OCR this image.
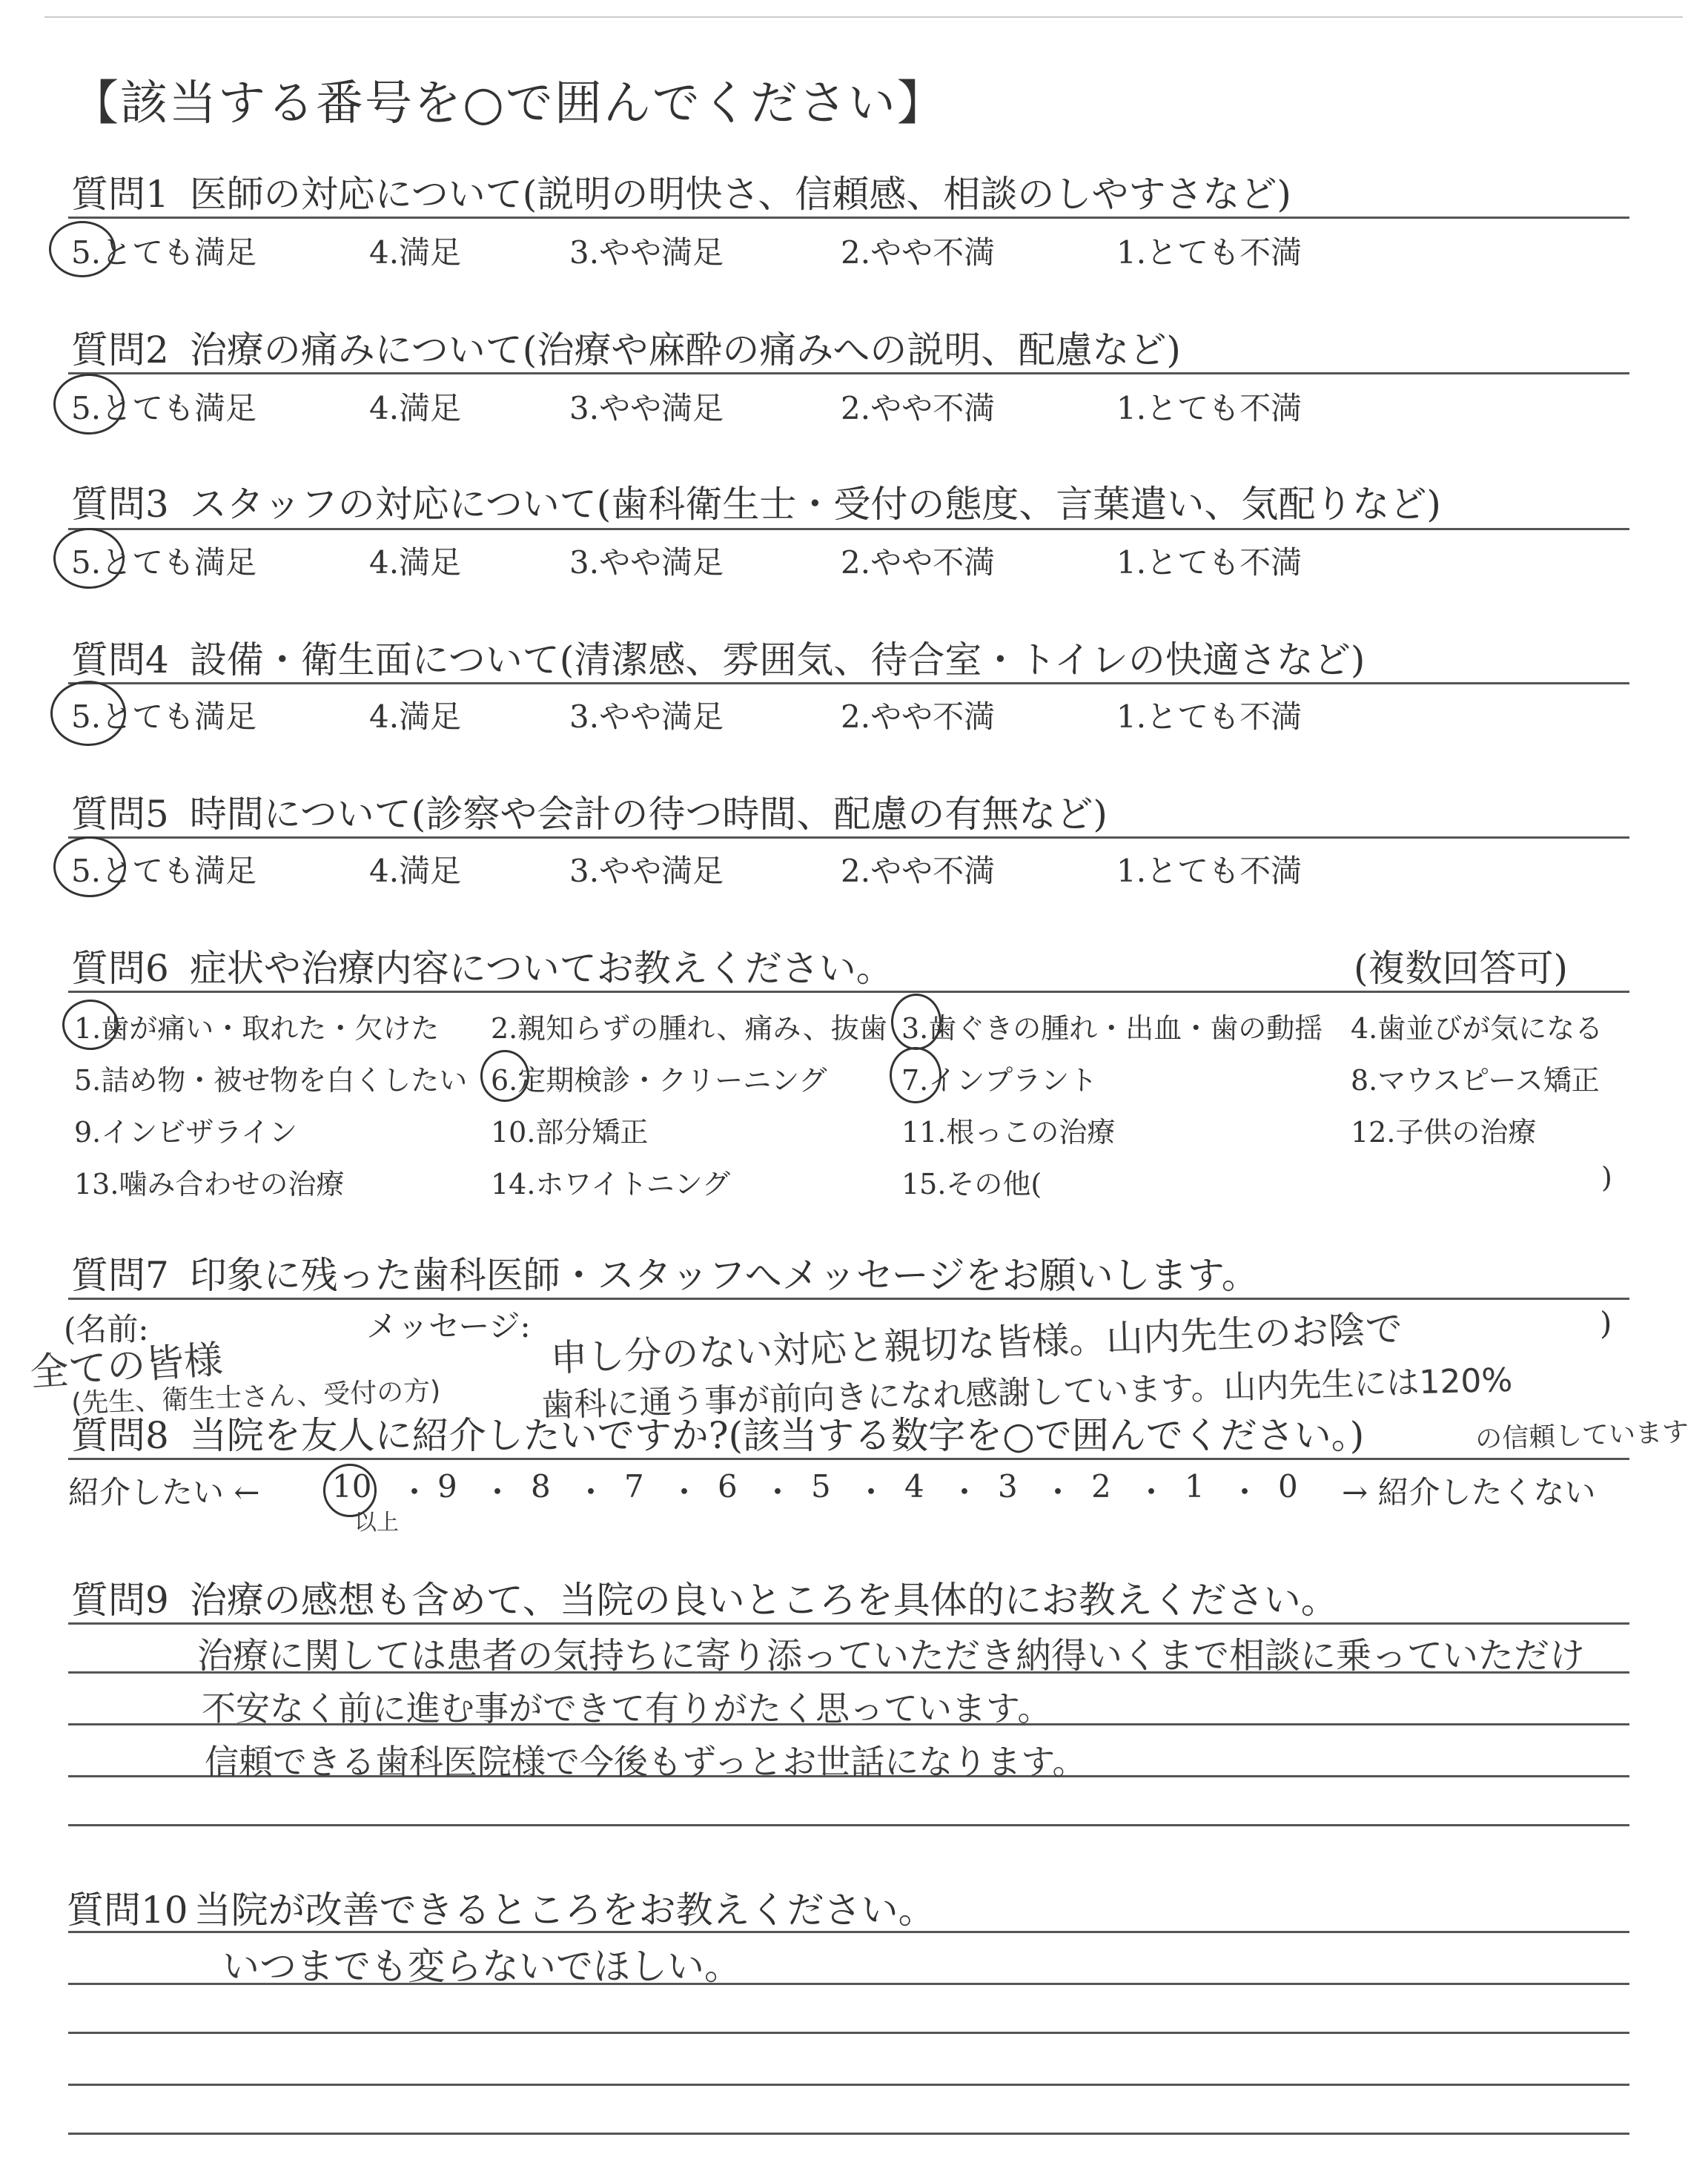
【該当する番号を○で囲んでください】
質問1 医師の対応について(説明の明快さ、信頼感、相談のしやすさなど)
5.とても満足	4.満足	3.やや満足	2.やや不満	1.とても不満
質問2 治療の痛みについて(治療や麻酔の痛みへの説明、配慮など)
5.とても満足	4.満足	3.やや満足	2.やや不満	1.とても不満
質問3 スタッフの対応について(歯科衛生士・受付の態度、言葉遣い、気配りなど)
5.とても満足	4.満足	3.やや満足	2.やや不満	1.とても不満
質問4 設備・衛生面について(清潔感、雰囲気、待合室・トイレの快適さなど)
5.とても満足	4.満足	3.やや満足	2.やや不満	1.とても不満
質問5 時間について(診察や会計の待つ時間、配慮の有無など)
5.とても満足	4.満足	3.やや満足	2.やや不満	1.とても不満
質問6 症状や治療内容についてお教えください。	(複数回答可)
1.歯が痛い・取れた・欠けた 2.親知らずの腫れ、痛み、抜歯 3.歯ぐきの腫れ・出血・歯の動揺 4.歯並びが気になる
5.詰め物・被せ物を白くしたい 6.定期検診・クリーニング	7.インプラント	8.マウスピース矯正
9.インビザライン	10.部分矯正	11.根っこの治療	12.子供の治療
13.噛み合わせの治療	14.ホワイトニング	15.その他(	)
質問7 印象に残った歯科医師・スタッフへメッセージをお願いします。
(名前:	メッセージ:	)
全ての皆様
(先生、衛生士さん、受付の方)
申し分のない対応と親切な皆様。山内先生のお陰で
歯科に通う事が前向きになれ感謝しています。山内先生には120%
の信頼しています
質問8 当院を友人に紹介したいですか?(該当する数字を○で囲んでください。)
紹介したい ←	→ 紹介したくない
10 ・ 9 ・ 8 ・ 7 ・ 6 ・ 5 ・ 4 ・ 3 ・ 2 ・ 1 ・ 0
以上
質問9 治療の感想も含めて、当院の良いところを具体的にお教えください。
治療に関しては患者の気持ちに寄り添っていただき納得いくまで相談に乗っていただけ
不安なく前に進む事ができて有りがたく思っています。
信頼できる歯科医院様で今後もずっとお世話になります。
質問10 当院が改善できるところをお教えください。
いつまでも変らないでほしい。
